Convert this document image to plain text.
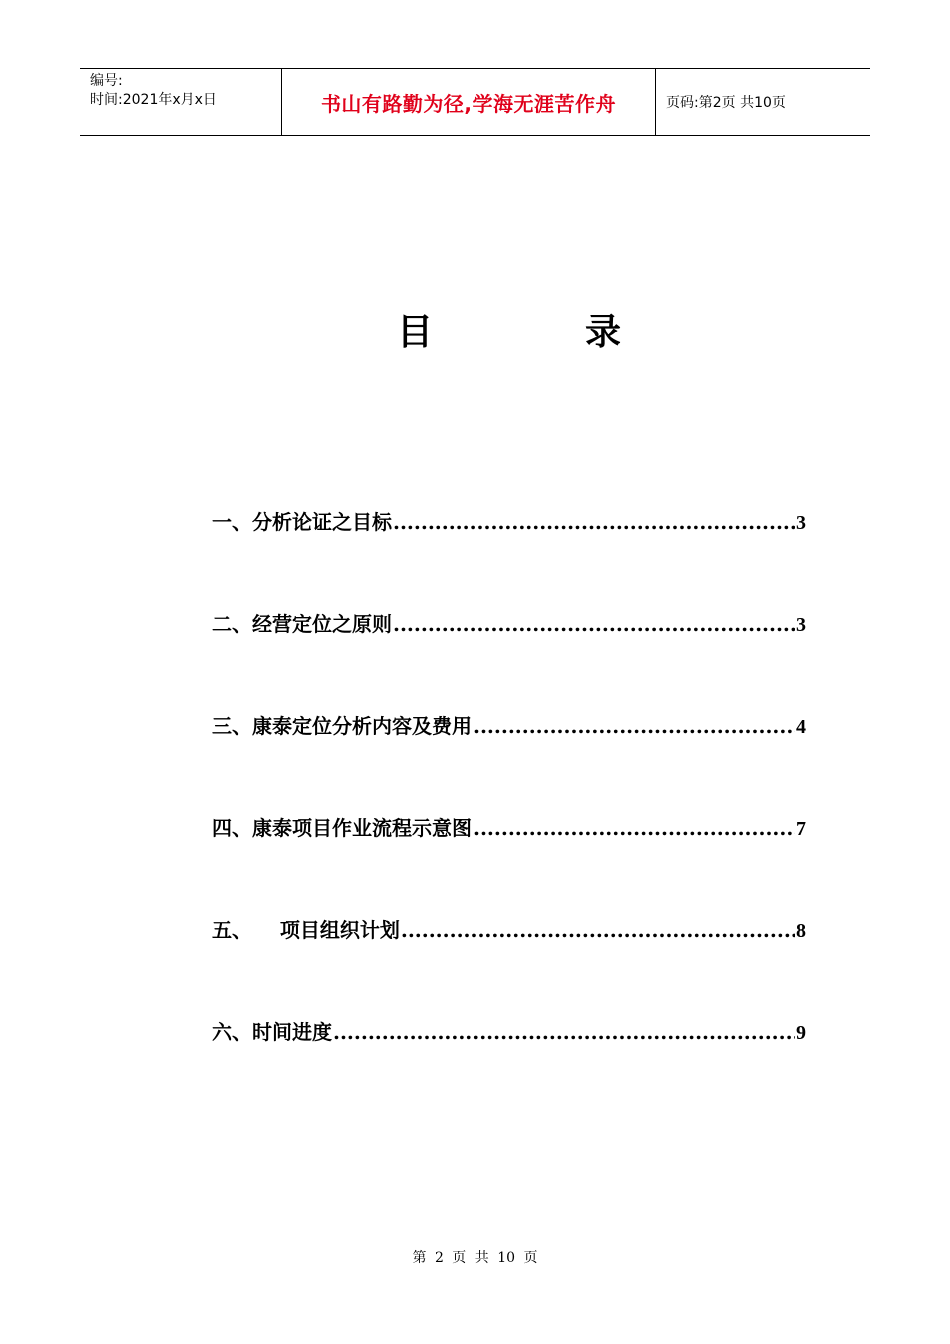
编号:
时间:2021年x月x日	书山有路勤为径,学海无涯苦作舟	页码:第2页 共10页
目	录
一、分析论证之目标 .....	3
二、经营定位之原则 .....	3
三、康泰定位分析内容及费用 .....	4
四、康泰项目作业流程示意图 .....	7
五、    项目组织计划 .....	8
六、时间进度 .....	9
第 2 页 共 10 页
